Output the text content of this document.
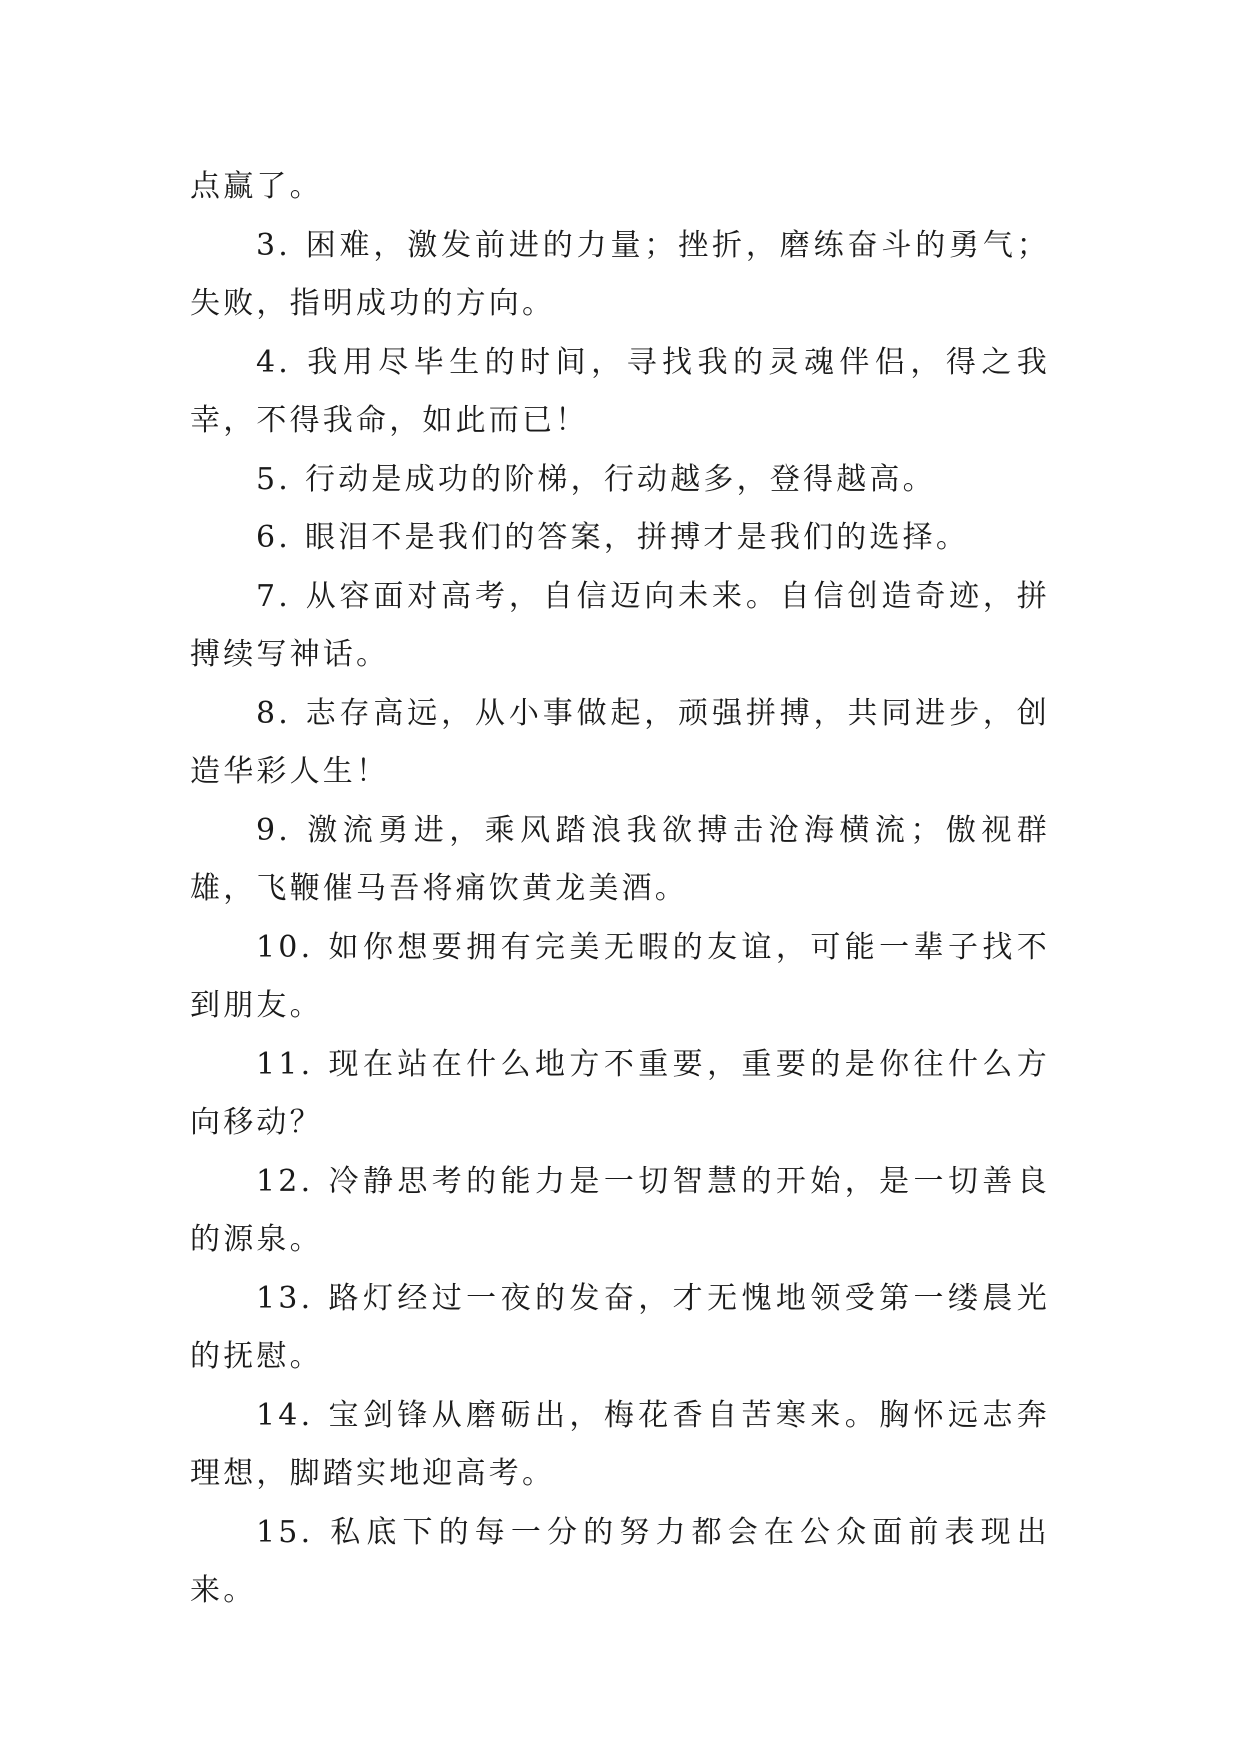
点赢了。

3. 困难，激发前进的力量；挫折，磨练奋斗的勇气；失败，指明成功的方向。

4. 我用尽毕生的时间，寻找我的灵魂伴侣，得之我幸，不得我命，如此而已！

5. 行动是成功的阶梯，行动越多，登得越高。

6. 眼泪不是我们的答案，拼搏才是我们的选择。

7. 从容面对高考，自信迈向未来。自信创造奇迹，拼搏续写神话。

8. 志存高远，从小事做起，顽强拼搏，共同进步，创造华彩人生！

9. 激流勇进，乘风踏浪我欲搏击沧海横流；傲视群雄，飞鞭催马吾将痛饮黄龙美酒。

10. 如你想要拥有完美无暇的友谊，可能一辈子找不到朋友。

11. 现在站在什么地方不重要，重要的是你往什么方向移动？

12. 冷静思考的能力是一切智慧的开始，是一切善良的源泉。

13. 路灯经过一夜的发奋，才无愧地领受第一缕晨光的抚慰。

14. 宝剑锋从磨砺出，梅花香自苦寒来。胸怀远志奔理想，脚踏实地迎高考。

15. 私底下的每一分的努力都会在公众面前表现出来。
